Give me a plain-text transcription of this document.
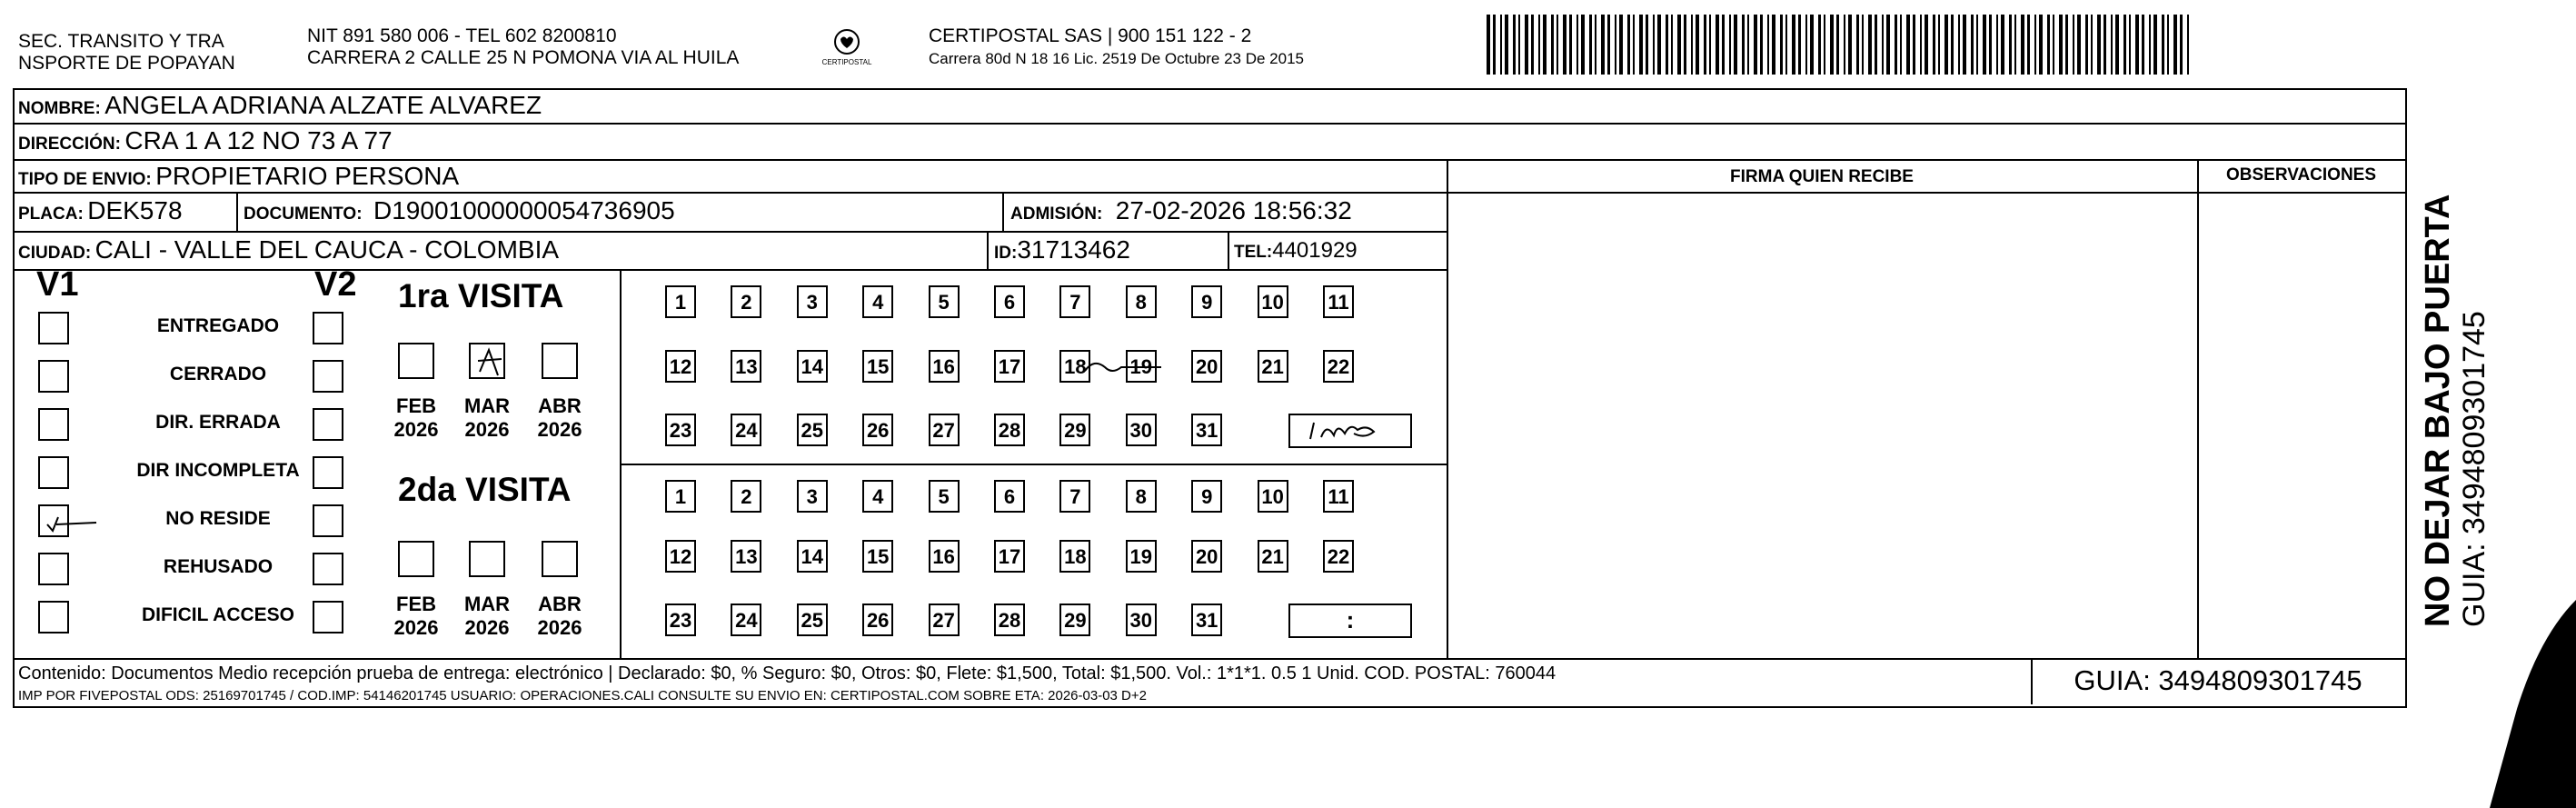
SEC. TRANSITO Y TRA
NSPORTE DE POPAYAN
NIT 891 580 006 - TEL 602 8200810
CARRERA 2 CALLE 25 N POMONA VIA AL HUILA	CERTIPOSTAL
CERTIPOSTAL SAS | 900 151 122 - 2
Carrera 80d N 18 16 Lic. 2519 De Octubre 23 De 2015
NOMBRE: ANGELA ADRIANA ALZATE ALVAREZ
DIRECCIÓN: CRA 1 A 12 NO 73 A 77
TIPO DE ENVIO: PROPIETARIO PERSONA	FIRMA QUIEN RECIBE	OBSERVACIONES
PLACA: DEK578	DOCUMENTO: D19001000000054736905	ADMISIÓN: 27-02-2026 18:56:32
CIUDAD: CALI - VALLE DEL CAUCA - COLOMBIA	ID:31713462	TEL:4401929
V1	V2
ENTREGADO
CERRADO
DIR. ERRADA
DIR INCOMPLETA
NO RESIDE
REHUSADO
DIFICIL ACCESO
1ra VISITA
2da VISITA
1	2	3	4	5	6	7	8	9	10 11
12 13 14 15 16 17 18 19 20 21 22
23 24 25 26 27 28 29 30 31
FEB
2026
MAR
2026
ABR
2026
1	2	3	4	5	6	7	8	9	10 11
12 13 14 15 16 17 18 19 20 21 22
23 24 25 26 27 28 29 30 31
FEB
2026
MAR
2026
ABR
2026	:
Contenido: Documentos Medio recepción prueba de entrega: electrónico | Declarado: $0, % Seguro: $0, Otros: $0, Flete: $1,500, Total: $1,500. Vol.: 1*1*1. 0.5 1 Unid. COD. POSTAL: 760044
IMP POR FIVEPOSTAL ODS: 25169701745 / COD.IMP: 54146201745 USUARIO: OPERACIONES.CALI CONSULTE SU ENVIO EN: CERTIPOSTAL.COM SOBRE ETA: 2026-03-03 D+2	GUIA: 3494809301745
NO DEJAR BAJO PUERTA GUIA: 3494809301745
